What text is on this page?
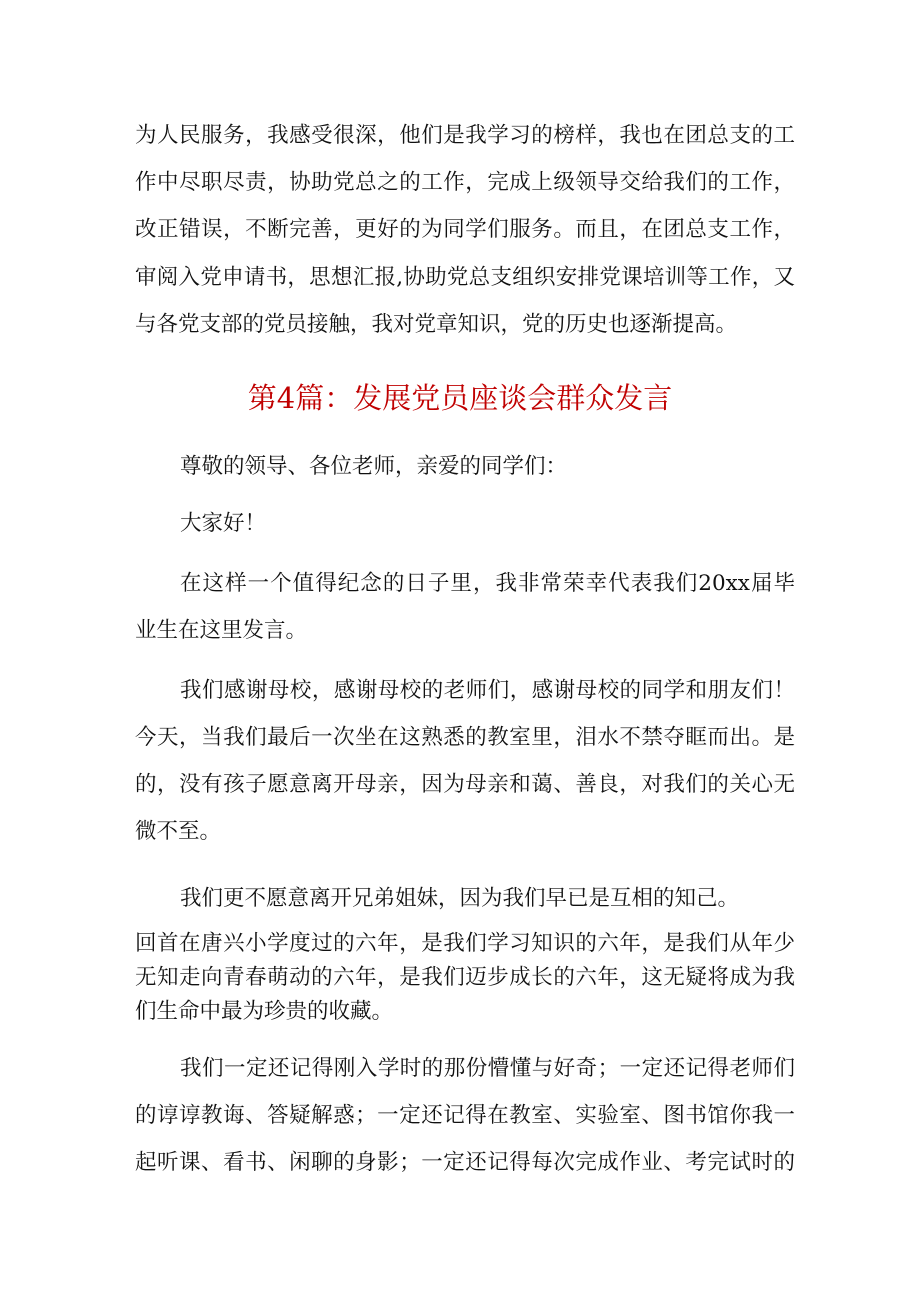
为人民服务，我感受很深，他们是我学习的榜样，我也在团总支的工
作中尽职尽责，协助党总之的工作，完成上级领导交给我们的工作，
改正错误，不断完善，更好的为同学们服务。而且，在团总支工作，
审阅入党申请书，思想汇报,协助党总支组织安排党课培训等工作，又
与各党支部的党员接触，我对党章知识，党的历史也逐渐提高。
第4篇：发展党员座谈会群众发言
尊敬的领导、各位老师，亲爱的同学们：
大家好！
在这样一个值得纪念的日子里，我非常荣幸代表我们20xx届毕
业生在这里发言。
我们感谢母校，感谢母校的老师们，感谢母校的同学和朋友们！
今天，当我们最后一次坐在这熟悉的教室里，泪水不禁夺眶而出。是
的，没有孩子愿意离开母亲，因为母亲和蔼、善良，对我们的关心无
微不至。
我们更不愿意离开兄弟姐妹，因为我们早已是互相的知己。
回首在唐兴小学度过的六年，是我们学习知识的六年，是我们从年少
无知走向青春萌动的六年，是我们迈步成长的六年，这无疑将成为我
们生命中最为珍贵的收藏。
我们一定还记得刚入学时的那份懵懂与好奇；一定还记得老师们
的谆谆教诲、答疑解惑；一定还记得在教室、实验室、图书馆你我一
起听课、看书、闲聊的身影；一定还记得每次完成作业、考完试时的
